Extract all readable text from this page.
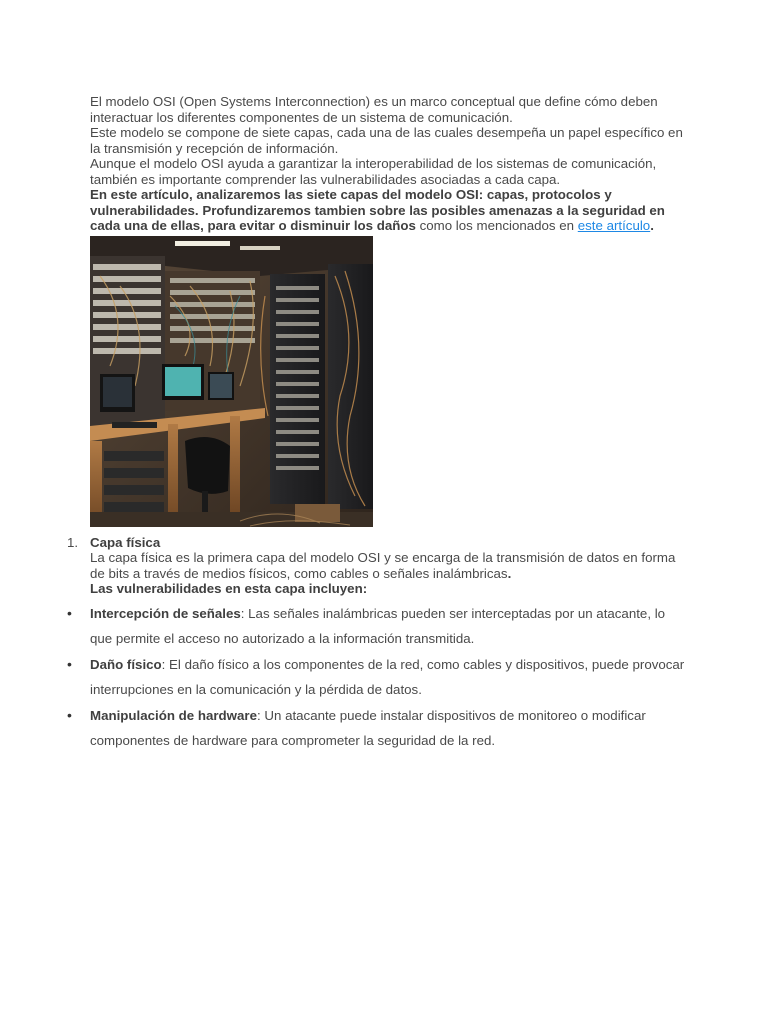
El modelo OSI (Open Systems Interconnection) es un marco conceptual que define cómo deben interactuar los diferentes componentes de un sistema de comunicación.

Este modelo se compone de siete capas, cada una de las cuales desempeña un papel específico en la transmisión y recepción de información.

Aunque el modelo OSI ayuda a garantizar la interoperabilidad de los sistemas de comunicación, también es importante comprender las vulnerabilidades asociadas a cada capa.

En este artículo, analizaremos las siete capas del modelo OSI: capas, protocolos y vulnerabilidades. Profundizaremos tambien sobre las posibles amenazas a la seguridad en cada una de ellas, para evitar o disminuir los daños como los mencionados en este artículo.

1. Capa física

La capa física es la primera capa del modelo OSI y se encarga de la transmisión de datos en forma de bits a través de medios físicos, como cables o señales inalámbricas.

Las vulnerabilidades en esta capa incluyen:

• Intercepción de señales: Las señales inalámbricas pueden ser interceptadas por un atacante, lo que permite el acceso no autorizado a la información transmitida.
• Daño físico: El daño físico a los componentes de la red, como cables y dispositivos, puede provocar interrupciones en la comunicación y la pérdida de datos.
• Manipulación de hardware: Un atacante puede instalar dispositivos de monitoreo o modificar componentes de hardware para comprometer la seguridad de la red.
